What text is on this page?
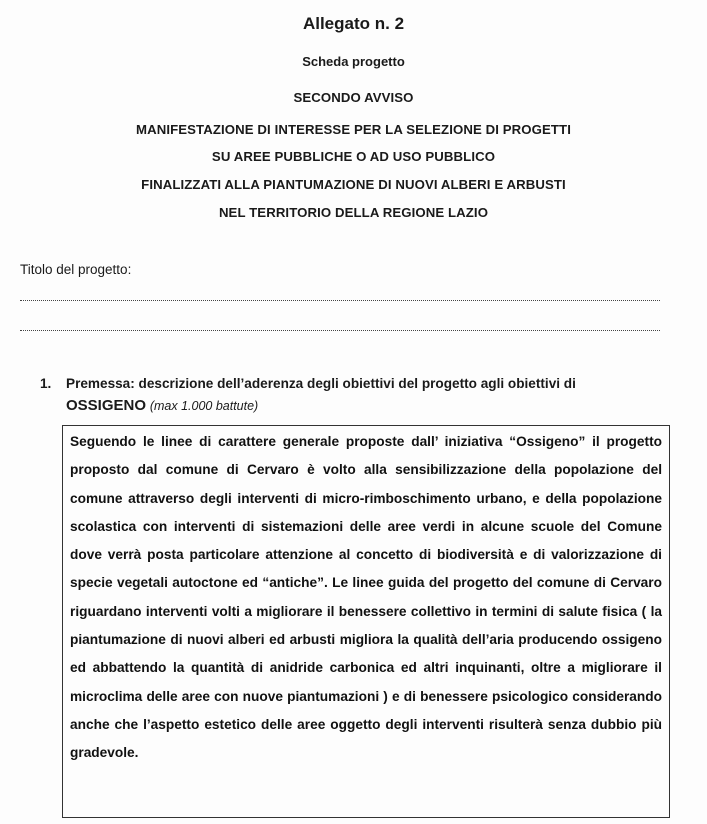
Allegato n. 2
Scheda progetto
SECONDO AVVISO
MANIFESTAZIONE DI INTERESSE PER LA SELEZIONE DI PROGETTI
SU AREE PUBBLICHE O AD USO PUBBLICO
FINALIZZATI ALLA PIANTUMAZIONE DI NUOVI ALBERI E ARBUSTI
NEL TERRITORIO DELLA REGIONE LAZIO
Titolo del progetto:
1. Premessa: descrizione dell’aderenza degli obiettivi del progetto agli obiettivi di
OSSIGENO (max 1.000 battute)
Seguendo le linee di carattere generale proposte dall’ iniziativa “Ossigeno” il progetto proposto dal comune di Cervaro è volto alla sensibilizzazione della popolazione del comune attraverso degli interventi di micro-rimboschimento urbano, e della popolazione scolastica con interventi di sistemazioni delle aree verdi in alcune scuole del Comune dove verrà posta particolare attenzione al concetto di biodiversità e di valorizzazione di specie vegetali autoctone ed “antiche”. Le linee guida del progetto del comune di Cervaro riguardano interventi volti a migliorare il benessere collettivo in termini di salute fisica ( la piantumazione di nuovi alberi ed arbusti migliora la qualità dell’aria producendo ossigeno ed abbattendo la quantità di anidride carbonica ed altri inquinanti, oltre a migliorare il microclima delle aree con nuove piantumazioni ) e di benessere psicologico considerando anche che l’aspetto estetico delle aree oggetto degli interventi risulterà senza dubbio più gradevole.
